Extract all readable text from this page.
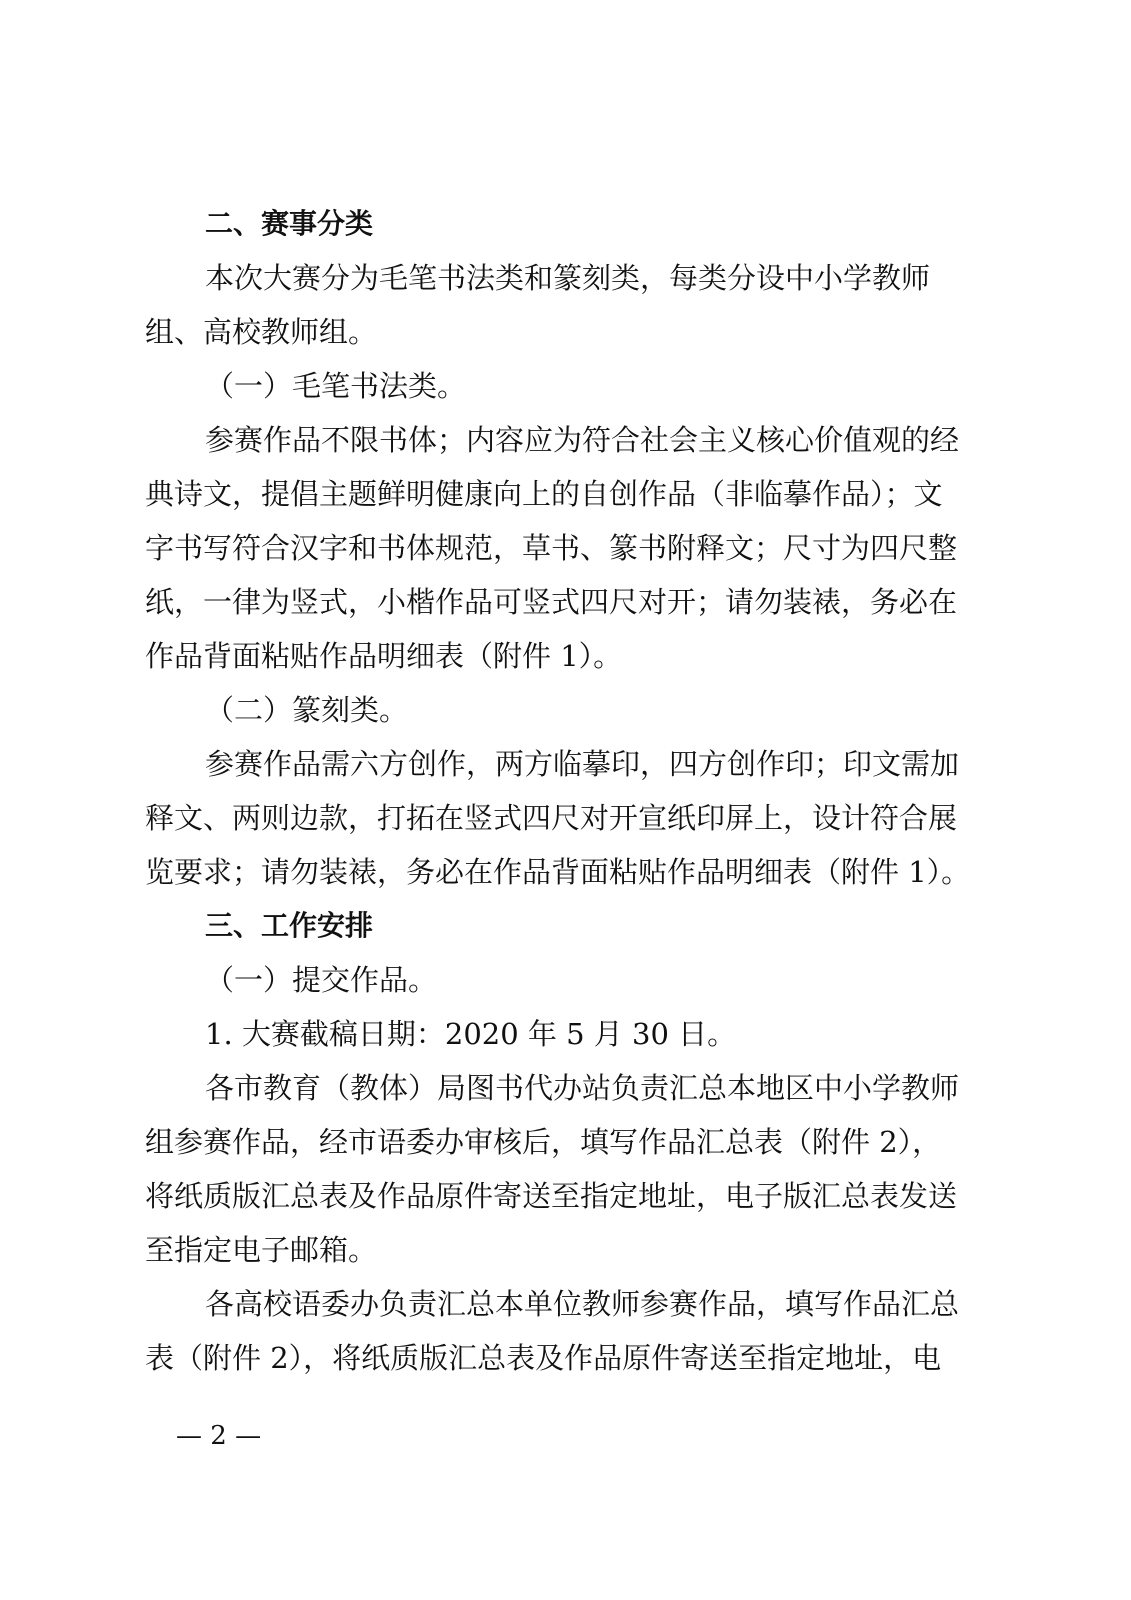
二、赛事分类
本次大赛分为毛笔书法类和篆刻类，每类分设中小学教师
组、高校教师组。
（一）毛笔书法类。
参赛作品不限书体；内容应为符合社会主义核心价值观的经
典诗文，提倡主题鲜明健康向上的自创作品（非临摹作品）；文
字书写符合汉字和书体规范，草书、篆书附释文；尺寸为四尺整
纸，一律为竖式，小楷作品可竖式四尺对开；请勿装裱，务必在
作品背面粘贴作品明细表（附件 1）。
（二）篆刻类。
参赛作品需六方创作，两方临摹印，四方创作印；印文需加
释文、两则边款，打拓在竖式四尺对开宣纸印屏上，设计符合展
览要求；请勿装裱，务必在作品背面粘贴作品明细表（附件 1）。
三、工作安排
（一）提交作品。
1. 大赛截稿日期：2020 年 5 月 30 日。
各市教育（教体）局图书代办站负责汇总本地区中小学教师
组参赛作品，经市语委办审核后，填写作品汇总表（附件 2），
将纸质版汇总表及作品原件寄送至指定地址，电子版汇总表发送
至指定电子邮箱。
各高校语委办负责汇总本单位教师参赛作品，填写作品汇总
表（附件 2），将纸质版汇总表及作品原件寄送至指定地址，电
— 2 —
